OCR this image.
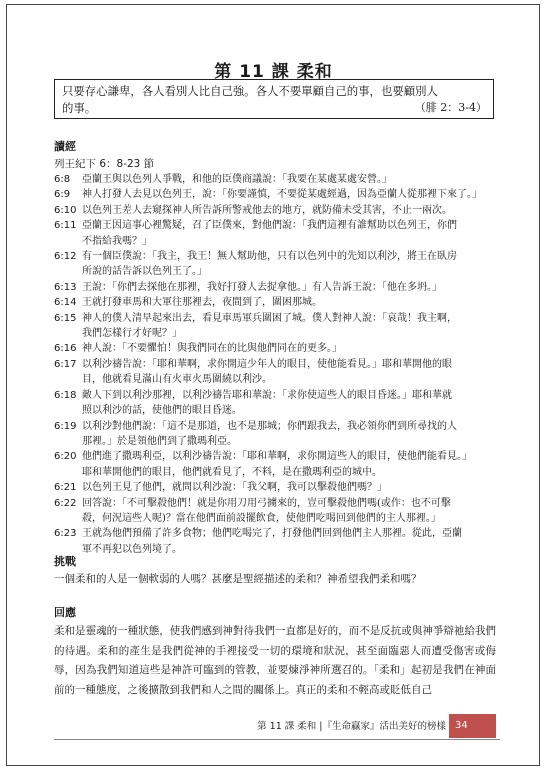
第 11 課 柔和
只要存心謙卑，各人看別人比自己強。各人不要單顧自己的事，也要顧別人
的事。	（腓 2：3-4）
讀經
列王紀下 6：8-23 節
6:8	亞蘭王與以色列人爭戰，和他的臣僕商議說：「我要在某處某處安營。」
6:9	神人打發人去見以色列王，說：「你要謹慎，不要從某處經過，因為亞蘭人從那裡下來了。」
6:10 以色列王差人去窺探神人所告訴所警戒他去的地方，就防備未受其害，不止一兩次。
6:11 亞蘭王因這事心裡驚疑，召了臣僕來，對他們說：「我們這裡有誰幫助以色列王，你們
不指給我嗎？」
6:12 有一個臣僕說：「我主，我王！無人幫助他，只有以色列中的先知以利沙，將王在臥房
所說的話告訴以色列王了。」
6:13 王說：「你們去探他在那裡，我好打發人去捉拿他。」有人告訴王說：「他在多坍。」
6:14 王就打發車馬和大軍往那裡去，夜間到了，圍困那城。
6:15 神人的僕人清早起來出去，看見車馬軍兵圍困了城。僕人對神人說：「哀哉！我主啊，
我們怎樣行才好呢？」
6:16 神人說：「不要懼怕！與我們同在的比與他們同在的更多。」
6:17 以利沙禱告說：「耶和華啊，求你開這少年人的眼目，使他能看見。」耶和華開他的眼
目，他就看見滿山有火車火馬圍繞以利沙。
6:18 敵人下到以利沙那裡，以利沙禱告耶和華說：「求你使這些人的眼目昏迷。」耶和華就
照以利沙的話，使他們的眼目昏迷。
6:19 以利沙對他們說：「這不是那道，也不是那城；你們跟我去，我必領你們到所尋找的人
那裡。」於是領他們到了撒瑪利亞。
6:20 他們進了撒瑪利亞，以利沙禱告說：「耶和華啊，求你開這些人的眼目，使他們能看見。」
耶和華開他們的眼目，他們就看見了，不料，是在撒瑪利亞的城中。
6:21 以色列王見了他們，就問以利沙說：「我父啊，我可以擊殺他們嗎？」
6:22 回答說：「不可擊殺他們！就是你用刀用弓擄來的，豈可擊殺他們嗎(或作：也不可擊
殺，何況這些人呢)？當在他們面前設擺飲食，使他們吃喝回到他們的主人那裡。」
6:23 王就為他們預備了許多食物；他們吃喝完了，打發他們回到他們主人那裡。從此，亞蘭
軍不再犯以色列境了。
挑戰
一個柔和的人是一個軟弱的人嗎？甚麼是聖經描述的柔和？神希望我們柔和嗎？
回應
柔和是靈魂的一種狀態，使我們感到神對待我們一直都是好的，而不是反抗或與神爭辯祂給我們的待遇。柔和的產生是我們從神的手裡接受一切的環境和狀況，甚至面臨惡人而遭受傷害或侮辱，因為我們知道這些是神許可臨到的管教，並要煉淨神所選召的。「柔和」起初是我們在神面前的一種態度，之後擴散到我們和人之間的關係上。真正的柔和不輕高或貶低自己
第 11 課 柔和 |『生命贏家』活出美好的榜樣 34
